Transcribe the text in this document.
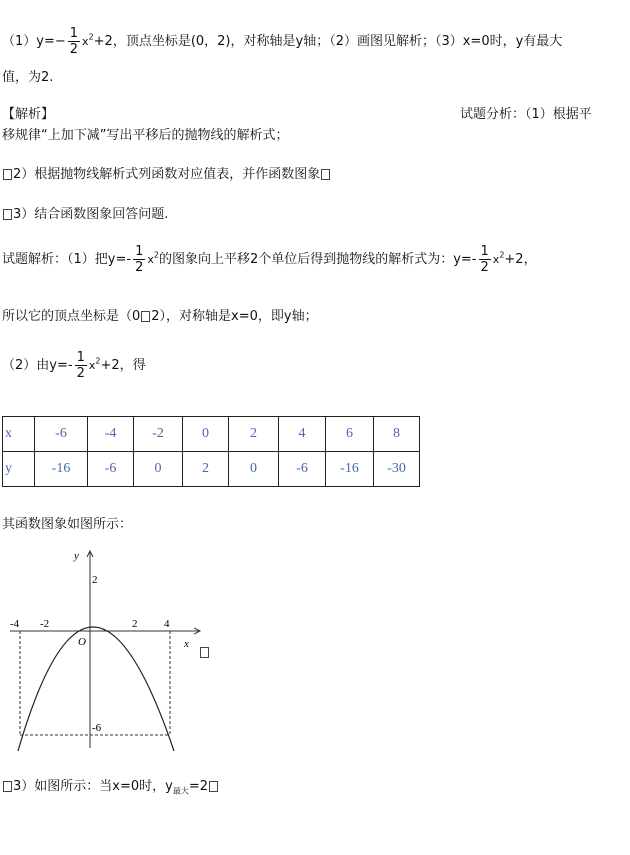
$(1)y=- \frac{1}{2} x^2+2$，顶点坐标是(0，2)，对称轴是y轴；（2）画图见解析；（3）x=0时，y有最大
值，为2.
【解析】	试题分析：（1）根据平
移规律“上加下减”写出平移后的抛物线的解析式；
2）根据抛物线解析式列函数对应值表，并作函数图象
3）结合函数图象回答问题.
试题解析：（1）把$y=- \frac{1}{2} x^2$的图象向上平移2个单位后得到抛物线的解析式为：$y=- \frac{1}{2} x^2+2$，
所以它的顶点坐标是（0 2），对称轴是x=0，即y轴；
（2）由$y=- \frac{1}{2} x^2+2$，得
x	-6	-4	-2	0	2	4	6	8
y	-16	-6	0	2	0	-6	-16	-30
其函数图象如图所示：
y
x
O
2
-6
-4 -2	2 4
3）如图所示：当x=0时，$y_{最大}=2$
